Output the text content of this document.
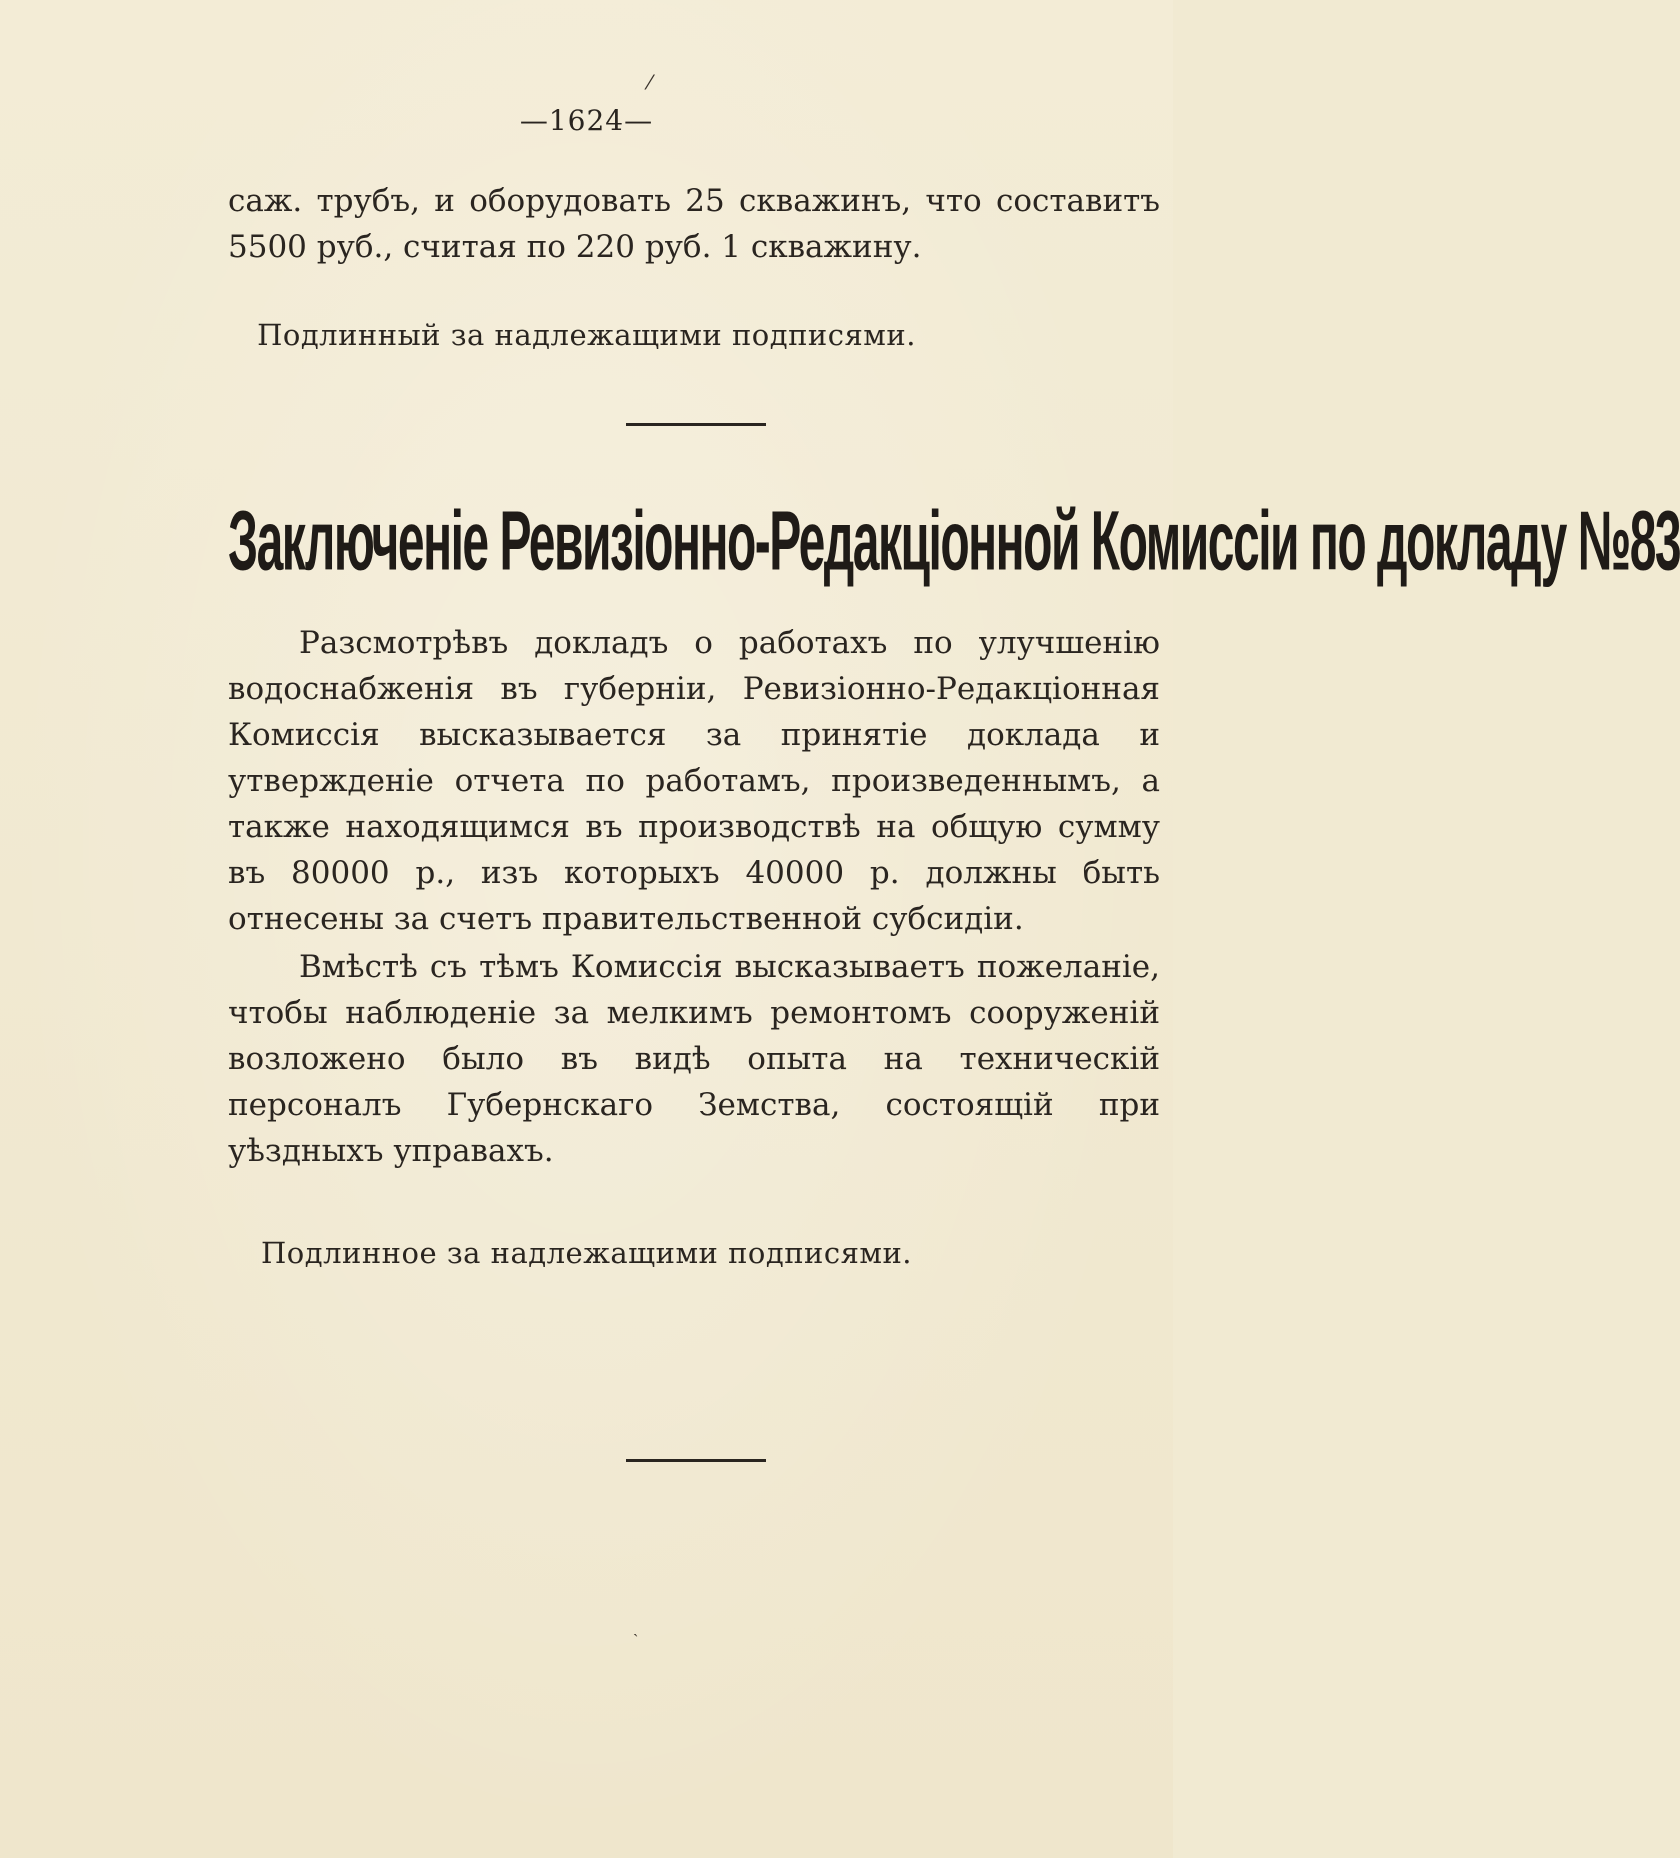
⁄
—1624—

саж. трубъ, и оборудовать 25 скважинъ, что составитъ 5500 руб., считая по 220 руб. 1 скважину.

Подлинный за надлежащими подписями.
Заключеніе Ревизіонно-Редакціонной Комиссіи по докладу №83

Разсмотрѣвъ докладъ о работахъ по улучшенію водоснабженія въ губерніи, Ревизіонно-Редакціонная Комиссія высказывается за принятіе доклада и утвержденіе отчета по работамъ, произведеннымъ, а также находящимся въ производствѣ на общую сумму въ 80000 р., изъ которыхъ 40000 р. должны быть отнесены за счетъ правительственной субсидіи.

Вмѣстѣ съ тѣмъ Комиссія высказываетъ пожеланіе, чтобы наблюденіе за мелкимъ ремонтомъ сооруженій возложено было въ видѣ опыта на техническій персоналъ Губернскаго Земства, состоящій при уѣздныхъ управахъ.

Подлинное за надлежащими подписями.
ˎ
